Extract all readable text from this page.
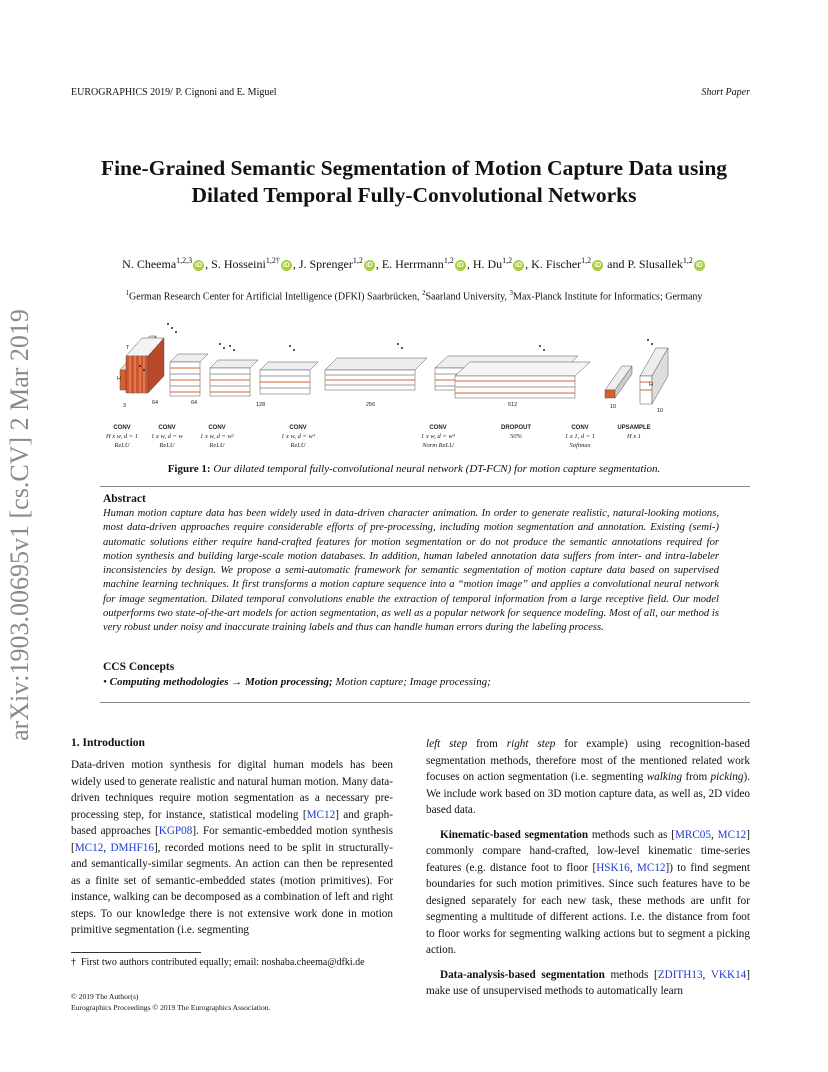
EUROGRAPHICS 2019/ P. Cignoni and E. Miguel	Short Paper
arXiv:1903.00695v1 [cs.CV] 2 Mar 2019
Fine-Grained Semantic Segmentation of Motion Capture Data using
Dilated Temporal Fully-Convolutional Networks
N. Cheema$^{1,2,3}$iD , S. Hosseini$^{1,2\dagger}$iD , J. Sprenger$^{1,2}$iD , E. Herrmann$^{1,2}$iD , H. Du$^{1,2}$iD , K. Fischer$^{1,2}$iD and P. Slusallek$^{1,2}$iD
$^1$German Research Center for Artificial Intelligence (DFKI) Saarbrücken, $^2$Saarland University, $^3$Max-Planck Institute for Informatics; Germany
T
H
H
3	64	64	128	256	512	10
10
CONV
H x w, d = 1
ReLU
CONV
1 x w, d = w
ReLU
CONV
1 x w, d = w²
ReLU
CONV
1 x w, d = w³
ReLU
CONV
1 x w, d = w⁴
Norm ReLU
DROPOUT
50%
CONV
1 x 1, d = 1
Softmax
UPSAMPLE
H x 1
Figure 1: Our dilated temporal fully-convolutional neural network (DT-FCN) for motion capture segmentation.
Abstract
Human motion capture data has been widely used in data-driven character animation. In order to generate realistic, natural-looking motions, most data-driven approaches require considerable efforts of pre-processing, including motion segmentation and annotation. Existing (semi-) automatic solutions either require hand-crafted features for motion segmentation or do not produce the semantic annotations required for motion synthesis and building large-scale motion databases. In addition, human labeled annotation data suffers from inter- and intra-labeler inconsistencies by design. We propose a semi-automatic framework for semantic segmentation of motion capture data based on supervised machine learning techniques. It first transforms a motion capture sequence into a “motion image” and applies a convolutional neural network for image segmentation. Dilated temporal convolutions enable the extraction of temporal information from a large receptive field. Our model outperforms two state-of-the-art models for action segmentation, as well as a popular network for sequence modeling. Most of all, our method is very robust under noisy and inaccurate training labels and thus can handle human errors during the labeling process.
CCS Concepts
• Computing methodologies → Motion processing; Motion capture; Image processing;
1. Introduction

Data-driven motion synthesis for digital human models has been widely used to generate realistic and natural human motion. Many data-driven techniques require motion segmentation as a necessary pre-processing step, for instance, statistical modeling [MC12] and graph-based approaches [KGP08]. For semantic-embedded motion synthesis [MC12, DMHF16], recorded motions need to be split in structurally- and semantically-similar segments. An action can then be represented as a finite set of semantic-embedded states (motion primitives). For instance, walking can be decomposed as a combination of left and right steps. To our knowledge there is not extensive work done in motion primitive segmentation (i.e. segmenting

left step from right step for example) using recognition-based segmentation methods, therefore most of the mentioned related work focuses on action segmentation (i.e. segmenting walking from picking). We include work based on 3D motion capture data, as well as, 2D video based data.

Kinematic-based segmentation methods such as [MRC05, MC12] commonly compare hand-crafted, low-level kinematic time-series features (e.g. distance foot to floor [HSK16, MC12]) to find segment boundaries for such motion primitives. Since such features have to be designed separately for each new task, these methods are unfit for segmenting a multitude of different actions. I.e. the distance from foot to floor works for segmenting walking actions but to segment a picking action.

Data-analysis-based segmentation methods [ZDITH13, VKK14] make use of unsupervised methods to automatically learn

† First two authors contributed equally; email: noshaba.cheema@dfki.de
© 2019 The Author(s)
Eurographics Proceedings © 2019 The Eurographics Association.
